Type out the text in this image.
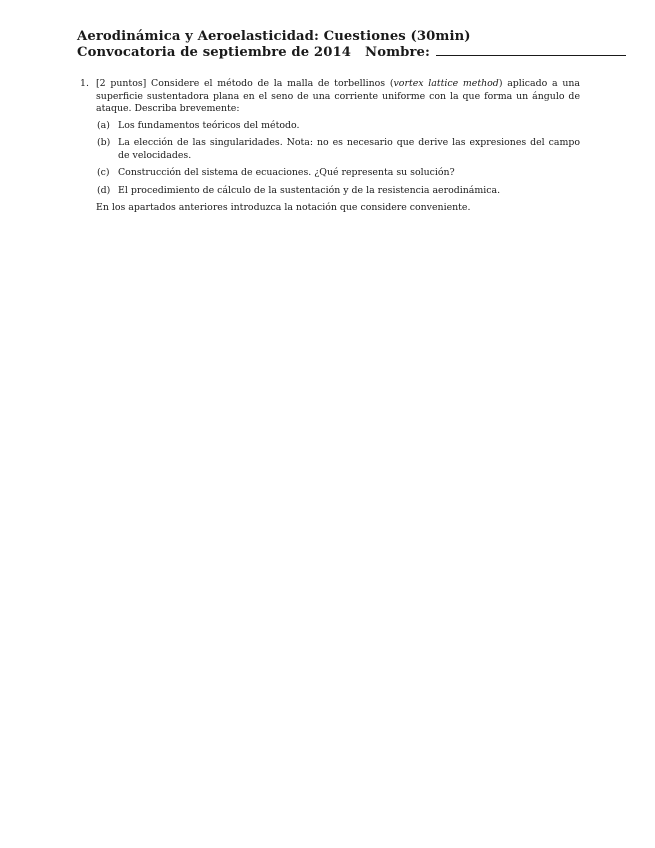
Aerodinámica y Aeroelasticidad: Cuestiones (30min)
Convocatoria de septiembre de 2014 Nombre:
1. [2 puntos] Considere el método de la malla de torbellinos (vortex lattice method) aplicado a una superficie sustentadora plana en el seno de una corriente uniforme con la que forma un ángulo de ataque. Describa brevemente:
(a) Los fundamentos teóricos del método.
(b) La elección de las singularidades. Nota: no es necesario que derive las expresiones del campo de velocidades.
(c) Construcción del sistema de ecuaciones. ¿Qué representa su solución?
(d) El procedimiento de cálculo de la sustentación y de la resistencia aerodinámica.
En los apartados anteriores introduzca la notación que considere conveniente.
